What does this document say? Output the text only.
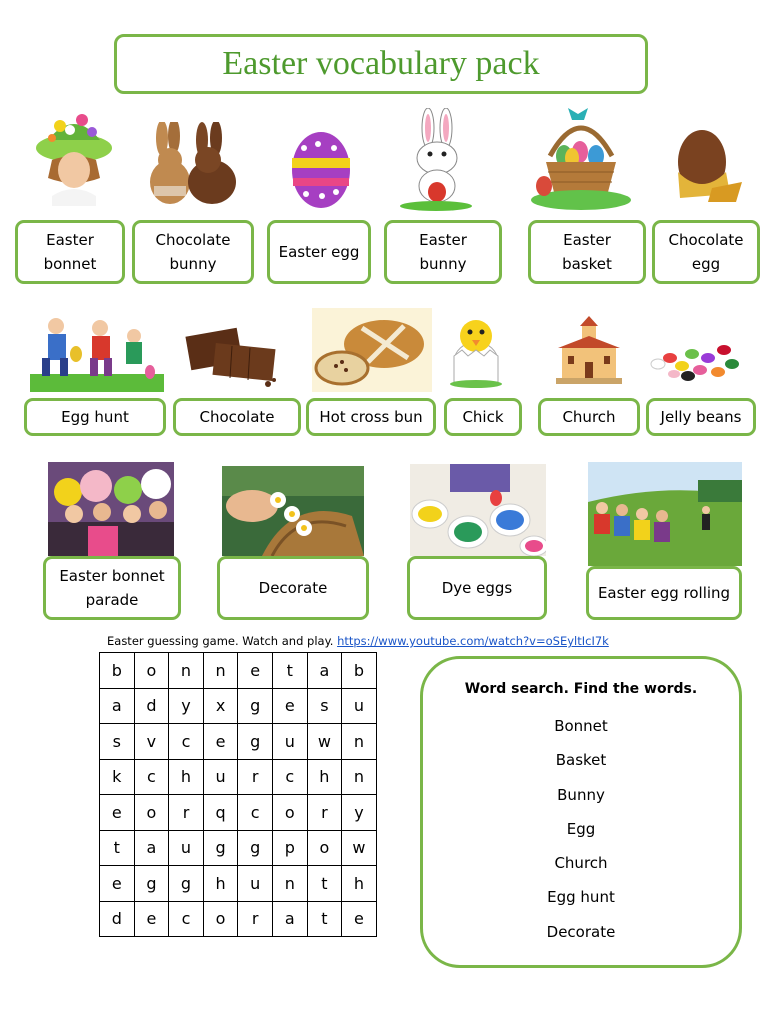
Easter vocabulary pack
Easter
bonnet
Chocolate
bunny
Easter egg
Easter
bunny
Easter
basket
Chocolate
egg
Egg hunt	Chocolate	Hot cross bun	Chick	Church	Jelly beans
Easter bonnet
parade
Decorate	Dye eggs	Easter egg rolling
Easter guessing game. Watch and play. https://www.youtube.com/watch?v=oSEyltIcI7k
b	o	n	n	e	t	a	b
a	d	y	x	g	e	s	u
s	v	c	e	g	u	w	n
k	c	h	u	r	c	h	n
e	o	r	q	c	o	r	y
t	a	u	g	g	p	o	w
e	g	g	h	u	n	t	h
d	e	c	o	r	a	t	e
Word search. Find the words.
Bonnet
Basket
Bunny
Egg
Church
Egg hunt
Decorate
